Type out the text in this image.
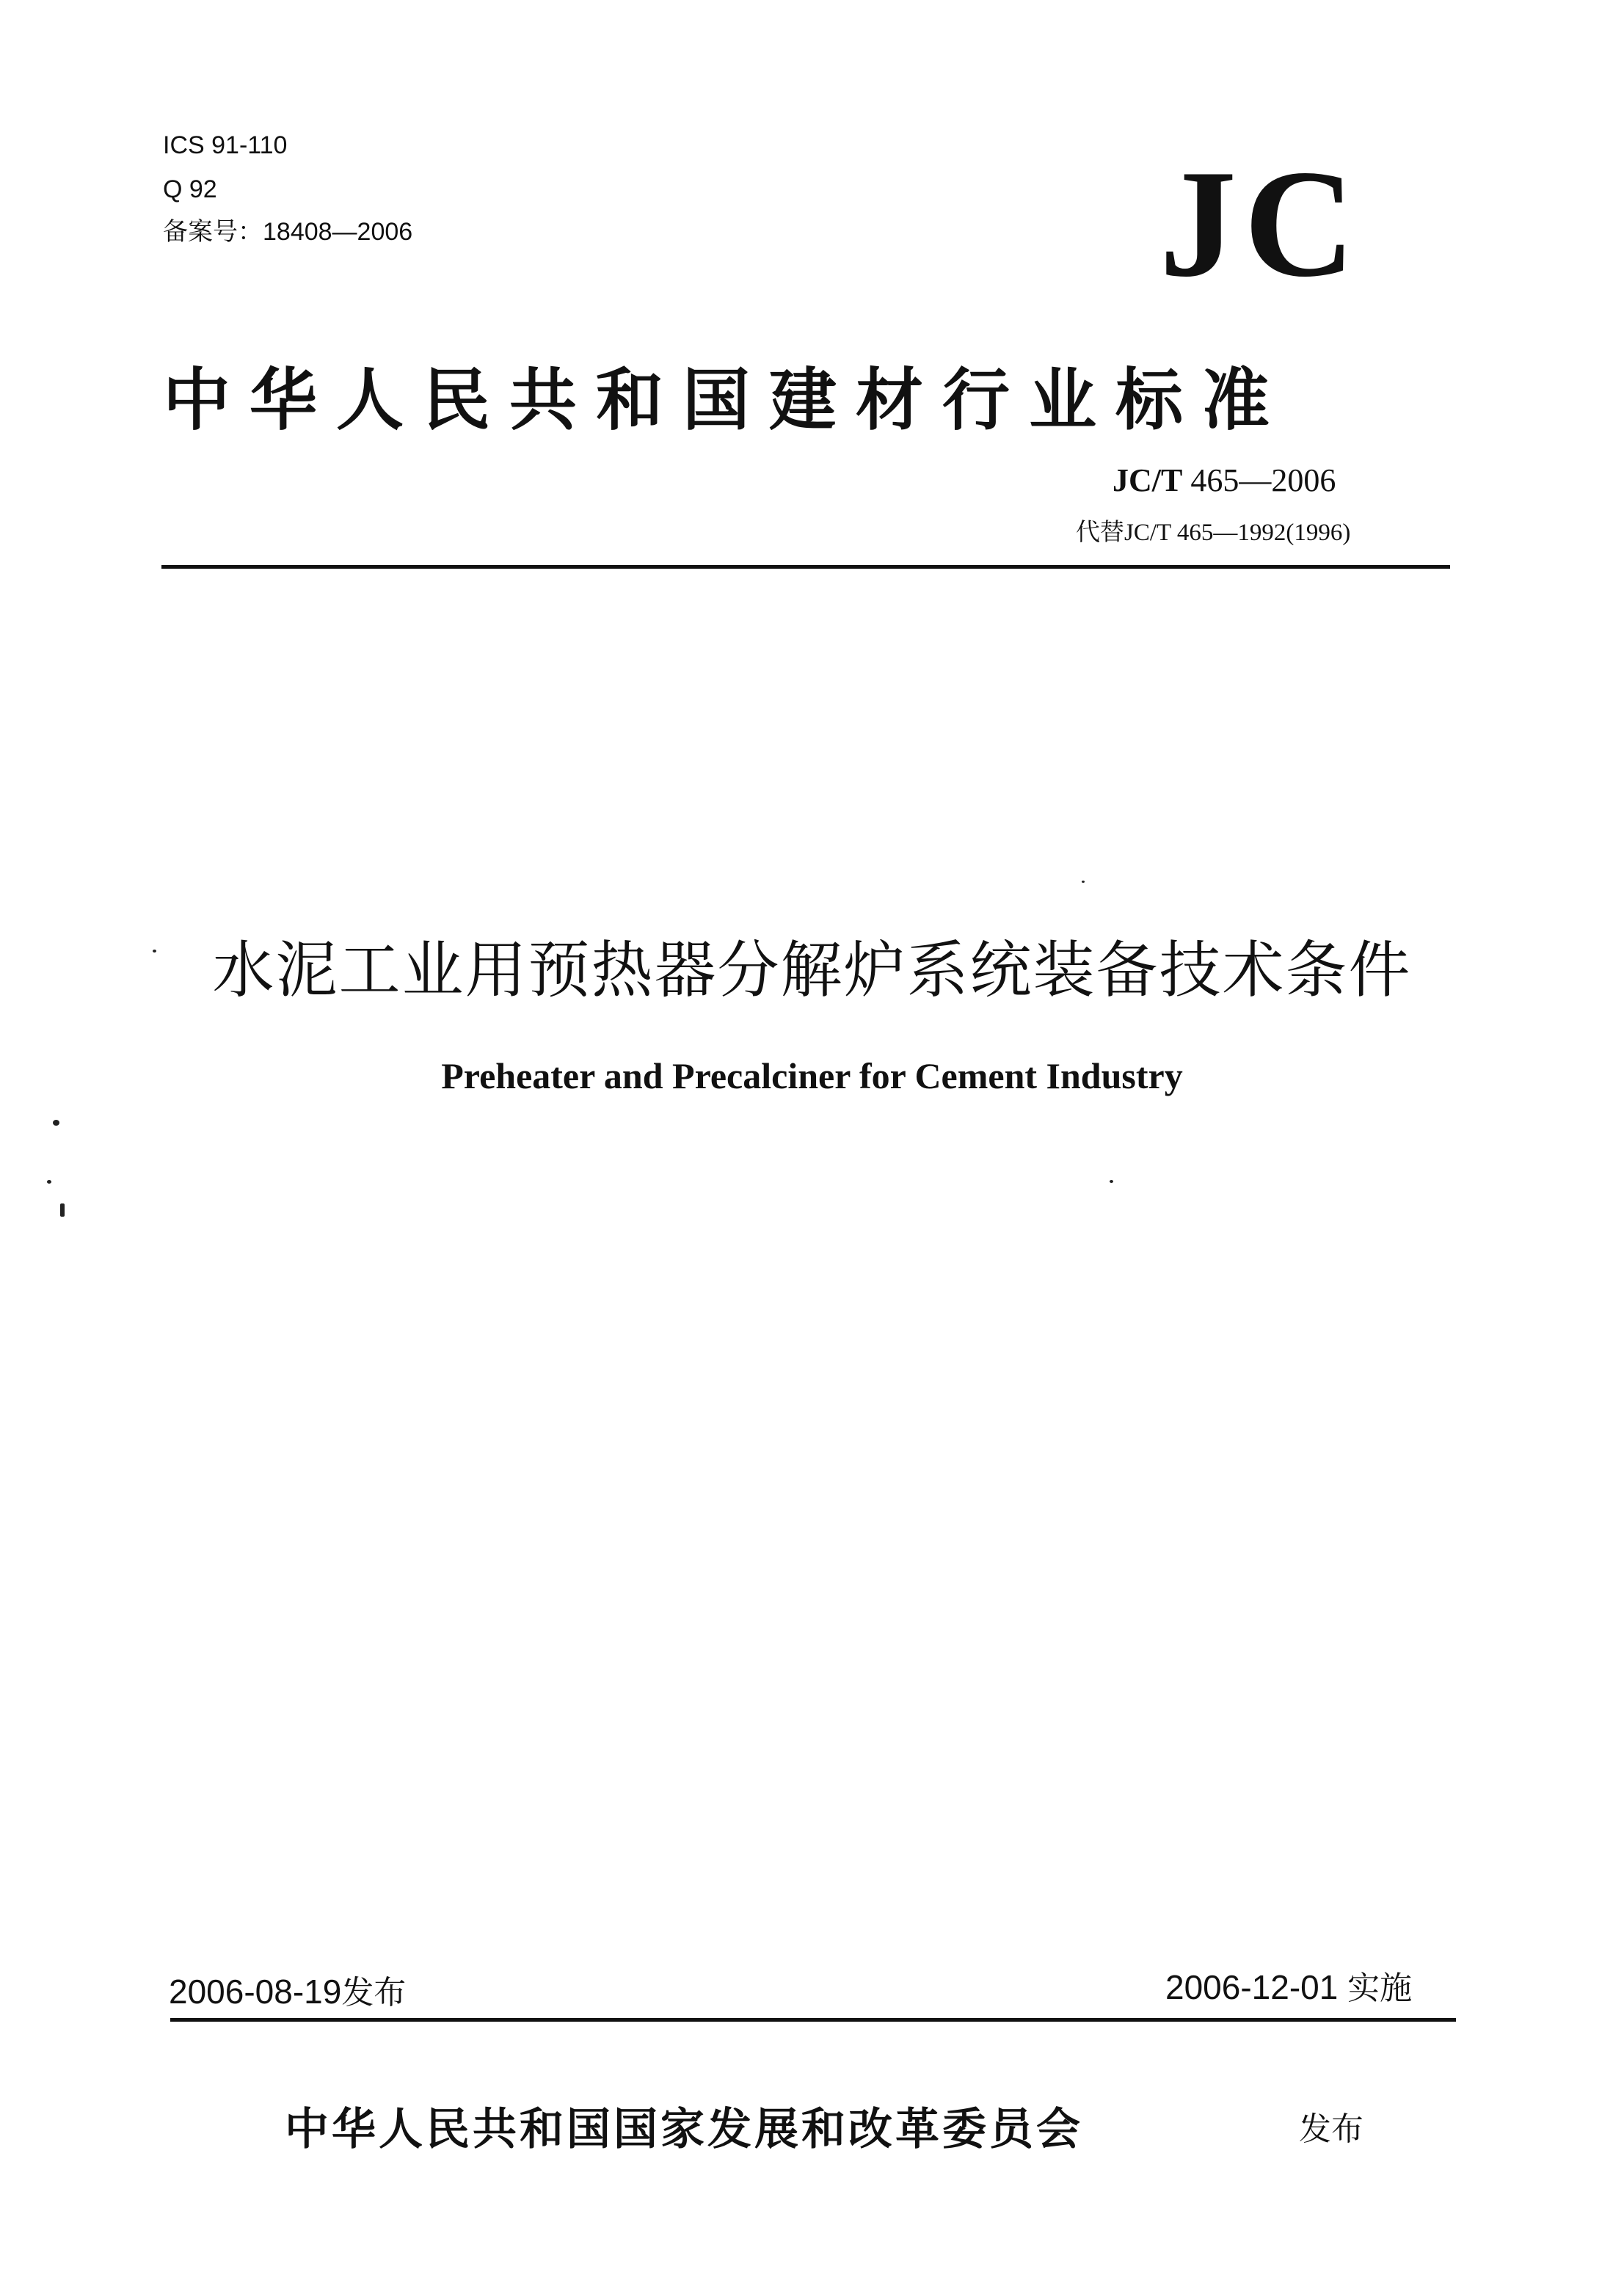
ICS 91-110
Q 92
备案号：18408—2006	JC
中华人民共和国建材行业标准
JC/T 465—2006
代替JC/T 465—1992(1996)
水泥工业用预热器分解炉系统装备技术条件
Preheater and Precalciner for Cement Industry
2006-08-19发布	2006-12-01 实施
中华人民共和国国家发展和改革委员会	发布
